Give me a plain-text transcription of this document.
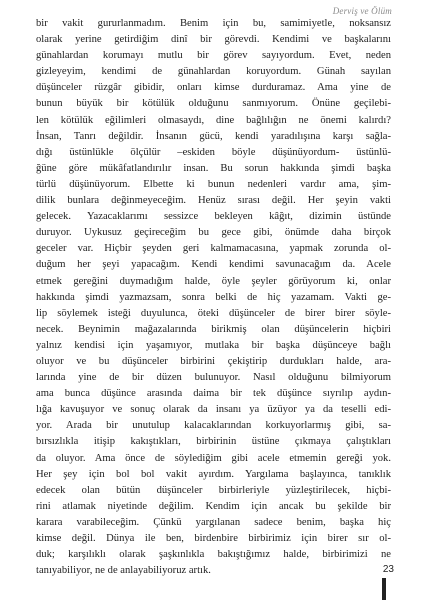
Derviş ve Ölüm
bir vakit gururlanmadım. Benim için bu, samimiyetle, noksansız
olarak yerine getirdiğim dinî bir görevdi. Kendimi ve başkalarını
günahlardan korumayı mutlu bir görev sayıyordum. Evet, neden
gizleyeyim, kendimi de günahlardan koruyordum. Günah sayılan
düşünceler rüzgâr gibidir, onları kimse durduramaz. Ama yine de
bunun büyük bir kötülük olduğunu sanmıyorum. Önüne geçilebi-
len kötülük eğilimleri olmasaydı, dine bağlılığın ne önemi kalırdı?
İnsan, Tanrı değildir. İnsanın gücü, kendi yaradılışına karşı sağla-
dığı üstünlükle ölçülür –eskiden böyle düşünüyordum- üstünlü-
ğüne göre mükâfatlandırılır insan. Bu sorun hakkında şimdi başka
türlü düşünüyorum. Elbette ki bunun nedenleri vardır ama, şim-
dilik bunlara değinmeyeceğim. Henüz sırası değil. Her şeyin vakti
gelecek. Yazacaklarımı sessizce bekleyen kâğıt, dizimin üstünde
duruyor. Uykusuz geçireceğim bu gece gibi, önümde daha birçok
geceler var. Hiçbir şeyden geri kalmamacasına, yapmak zorunda ol-
duğum her şeyi yapacağım. Kendi kendimi savunacağım da. Acele
etmek gereğini duymadığım halde, öyle şeyler görüyorum ki, onlar
hakkında şimdi yazmazsam, sonra belki de hiç yazamam. Vakti ge-
lip söylemek isteği duyulunca, öteki düşünceler de birer birer söyle-
necek. Beynimin mağazalarında birikmiş olan düşüncelerin hiçbiri
yalnız kendisi için yaşamıyor, mutlaka bir başka düşünceye bağlı
oluyor ve bu düşünceler birbirini çekiştirip durdukları halde, ara-
larında yine de bir düzen bulunuyor. Nasıl olduğunu bilmiyorum
ama bunca düşünce arasında daima bir tek düşünce sıyrılıp aydın-
lığa kavuşuyor ve sonuç olarak da insanı ya üzüyor ya da teselli edi-
yor. Arada bir unutulup kalacaklarından korkuyorlarmış gibi, sa-
bırsızlıkla itişip kakıştıkları, birbirinin üstüne çıkmaya çalıştıkları
da oluyor. Ama önce de söylediğim gibi acele etmemin gereği yok.
Her şey için bol bol vakit ayırdım. Yargılama başlayınca, tanıklık
edecek olan bütün düşünceler birbirleriyle yüzleştirilecek, hiçbi-
rini atlamak niyetinde değilim. Kendim için ancak bu şekilde bir
karara varabileceğim. Çünkü yargılanan sadece benim, başka hiç
kimse değil. Dünya ile ben, birdenbire birbirimiz için birer sır ol-
duk; karşılıklı olarak şaşkınlıkla bakıştığımız halde, birbirimizi ne
tanıyabiliyor, ne de anlayabiliyoruz artık.	23
